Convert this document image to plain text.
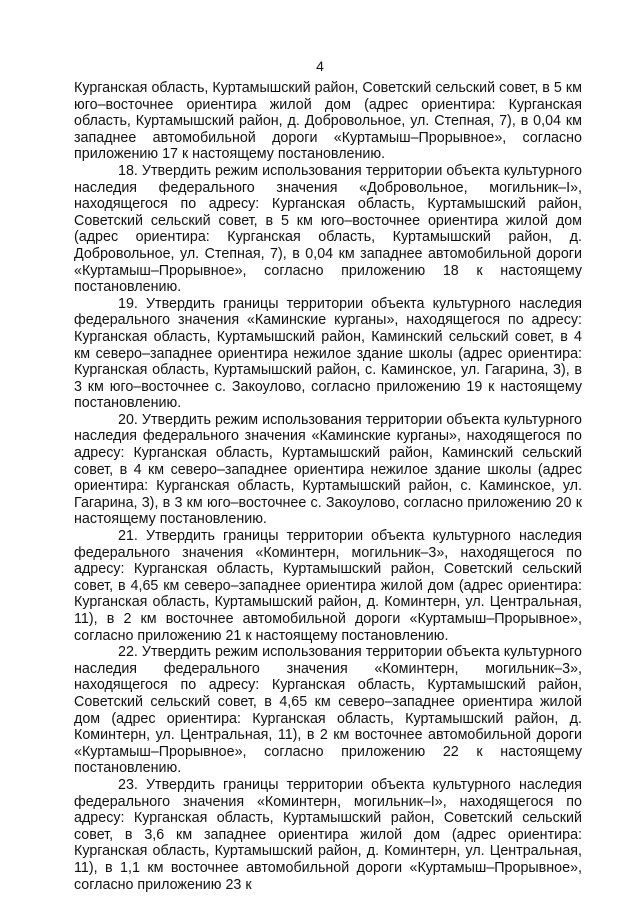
4

Курганская область, Куртамышский район, Советский сельский совет, в 5 км юго–восточнее ориентира жилой дом (адрес ориентира: Курганская область, Куртамышский район, д. Добровольное, ул. Степная, 7), в 0,04 км западнее автомобильной дороги «Куртамыш–Прорывное», согласно приложению 17 к настоящему постановлению.

18. Утвердить режим использования территории объекта культурного наследия федерального значения «Добровольное, могильник–I», находящегося по адресу: Курганская область, Куртамышский район, Советский сельский совет, в 5 км юго–восточнее ориентира жилой дом (адрес ориентира: Курганская область, Куртамышский район, д. Добровольное, ул. Степная, 7), в 0,04 км западнее автомобильной дороги «Куртамыш–Прорывное», согласно приложению 18 к настоящему постановлению.

19. Утвердить границы территории объекта культурного наследия федерального значения «Каминские курганы», находящегося по адресу: Курганская область, Куртамышский район, Каминский сельский совет, в 4 км северо–западнее ориентира нежилое здание школы (адрес ориентира: Курганская область, Куртамышский район, с. Каминское, ул. Гагарина, 3), в 3 км юго–восточнее с. Закоулово, согласно приложению 19 к настоящему постановлению.

20. Утвердить режим использования территории объекта культурного наследия федерального значения «Каминские курганы», находящегося по адресу: Курганская область, Куртамышский район, Каминский сельский совет, в 4 км северо–западнее ориентира нежилое здание школы (адрес ориентира: Курганская область, Куртамышский район, с. Каминское, ул. Гагарина, 3), в 3 км юго–восточнее с. Закоулово, согласно приложению 20 к настоящему постановлению.

21. Утвердить границы территории объекта культурного наследия федерального значения «Коминтерн, могильник–3», находящегося по адресу: Курганская область, Куртамышский район, Советский сельский совет, в 4,65 км северо–западнее ориентира жилой дом (адрес ориентира: Курганская область, Куртамышский район, д. Коминтерн, ул. Центральная, 11), в 2 км восточнее автомобильной дороги «Куртамыш–Прорывное», согласно приложению 21 к настоящему постановлению.

22. Утвердить режим использования территории объекта культурного наследия федерального значения «Коминтерн, могильник–3», находящегося по адресу: Курганская область, Куртамышский район, Советский сельский совет, в 4,65 км северо–западнее ориентира жилой дом (адрес ориентира: Курганская область, Куртамышский район, д. Коминтерн, ул. Центральная, 11), в 2 км восточнее автомобильной дороги «Куртамыш–Прорывное», согласно приложению 22 к настоящему постановлению.

23. Утвердить границы территории объекта культурного наследия федерального значения «Коминтерн, могильник–I», находящегося по адресу: Курганская область, Куртамышский район, Советский сельский совет, в 3,6 км западнее ориентира жилой дом (адрес ориентира: Курганская область, Куртамышский район, д. Коминтерн, ул. Центральная, 11), в 1,1 км восточнее автомобильной дороги «Куртамыш–Прорывное», согласно приложению 23 к
